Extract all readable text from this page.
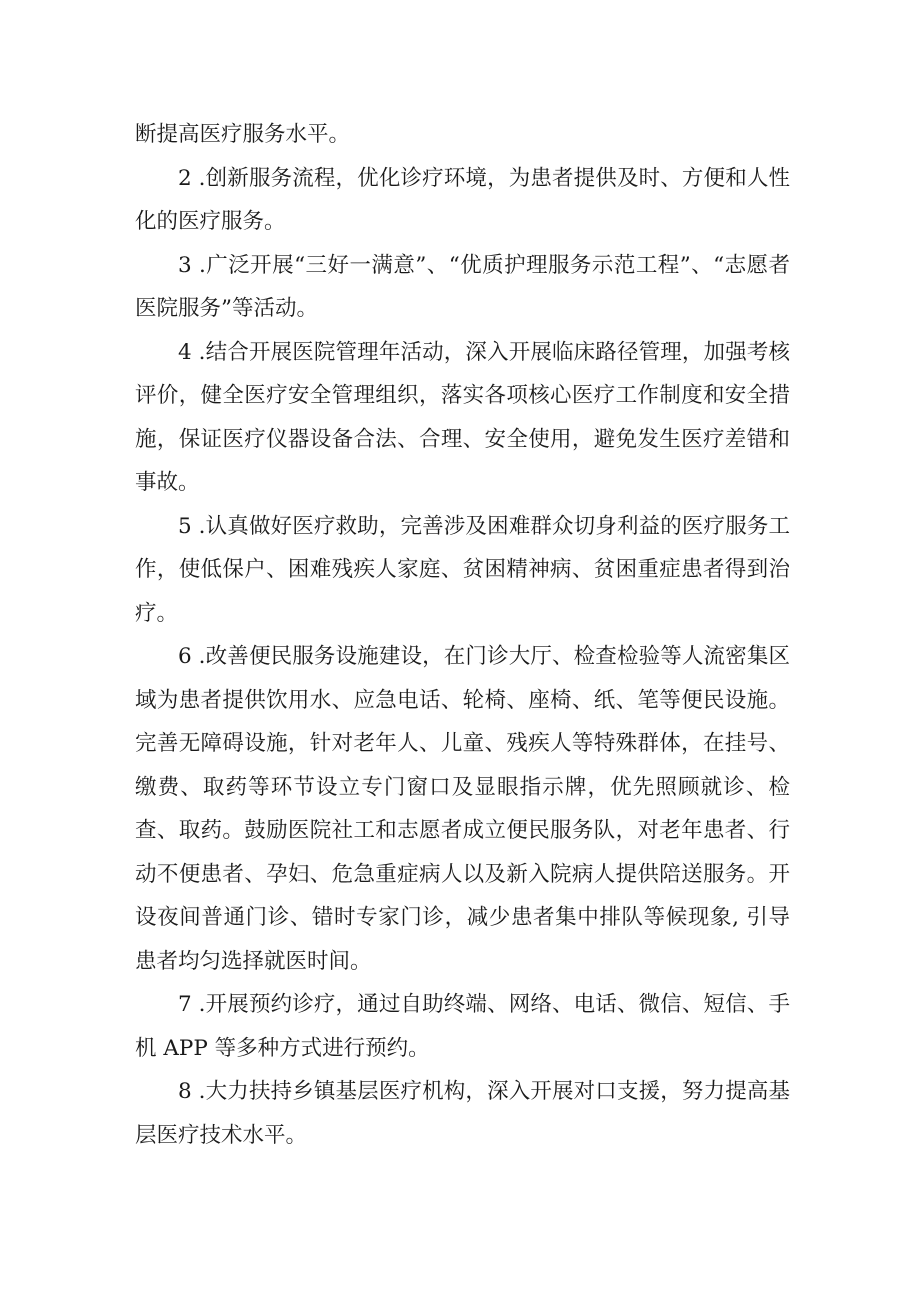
断提高医疗服务水平。

2 .创新服务流程，优化诊疗环境，为患者提供及时、方便和人性化的医疗服务。

3 .广泛开展“三好一满意”、“优质护理服务示范工程”、“志愿者医院服务”等活动。

4 .结合开展医院管理年活动，深入开展临床路径管理，加强考核评价，健全医疗安全管理组织，落实各项核心医疗工作制度和安全措施，保证医疗仪器设备合法、合理、安全使用，避免发生医疗差错和事故。

5 .认真做好医疗救助，完善涉及困难群众切身利益的医疗服务工作，使低保户、困难残疾人家庭、贫困精神病、贫困重症患者得到治疗。

6 .改善便民服务设施建设，在门诊大厅、检查检验等人流密集区域为患者提供饮用水、应急电话、轮椅、座椅、纸、笔等便民设施。完善无障碍设施，针对老年人、儿童、残疾人等特殊群体，在挂号、缴费、取药等环节设立专门窗口及显眼指示牌，优先照顾就诊、检查、取药。鼓励医院社工和志愿者成立便民服务队，对老年患者、行动不便患者、孕妇、危急重症病人以及新入院病人提供陪送服务。开设夜间普通门诊、错时专家门诊，减少患者集中排队等候现象, 引导患者均匀选择就医时间。

7 .开展预约诊疗，通过自助终端、网络、电话、微信、短信、手机 APP 等多种方式进行预约。

8 .大力扶持乡镇基层医疗机构，深入开展对口支援，努力提高基层医疗技术水平。
